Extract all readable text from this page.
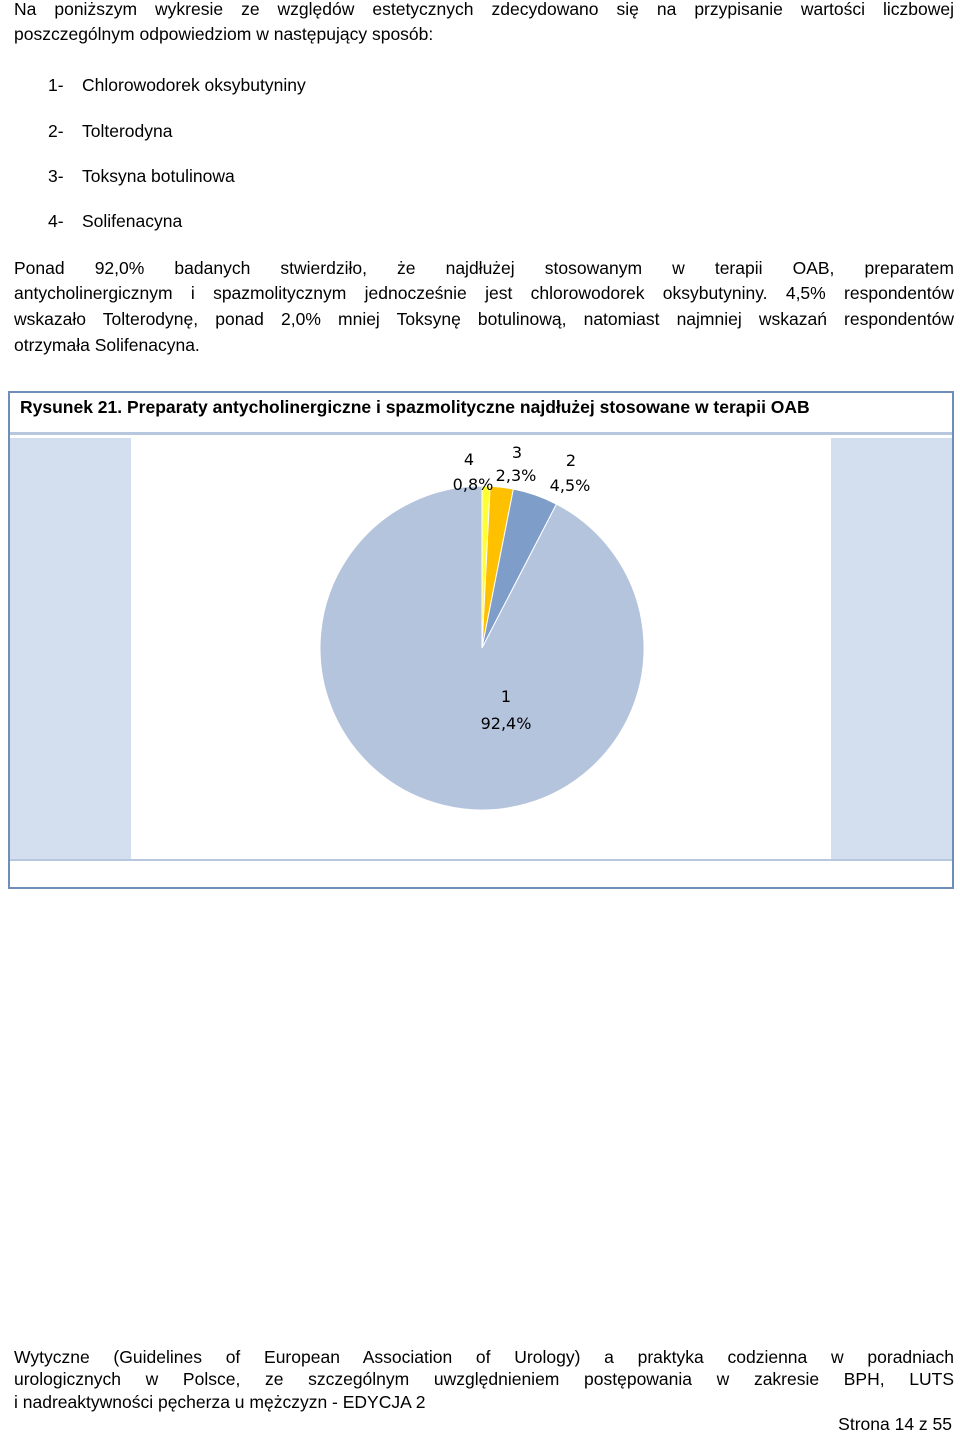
Na poniższym wykresie ze względów estetycznych zdecydowano się na przypisanie wartości liczbowej
poszczególnym odpowiedziom w następujący sposób:
1- Chlorowodorek oksybutyniny
2- Tolterodyna
3- Toksyna botulinowa
4- Solifenacyna
Ponad 92,0% badanych stwierdziło, że najdłużej stosowanym w terapii OAB, preparatem
antycholinergicznym i spazmolitycznym jednocześnie jest chlorowodorek oksybutyniny. 4,5% respondentów
wskazało Tolterodynę, ponad 2,0% mniej Toksynę botulinową, natomiast najmniej wskazań respondentów
otrzymała Solifenacyna.
Rysunek 21. Preparaty antycholinergiczne i spazmolityczne najdłużej stosowane w terapii OAB
4
0,8%
3
2,3%
2
4,5%
1
92,4%
Wytyczne (Guidelines of European Association of Urology) a praktyka codzienna w poradniach
urologicznych w Polsce, ze szczególnym uwzględnieniem postępowania w zakresie BPH, LUTS
i nadreaktywności pęcherza u mężczyzn - EDYCJA 2
Strona 14 z 55
